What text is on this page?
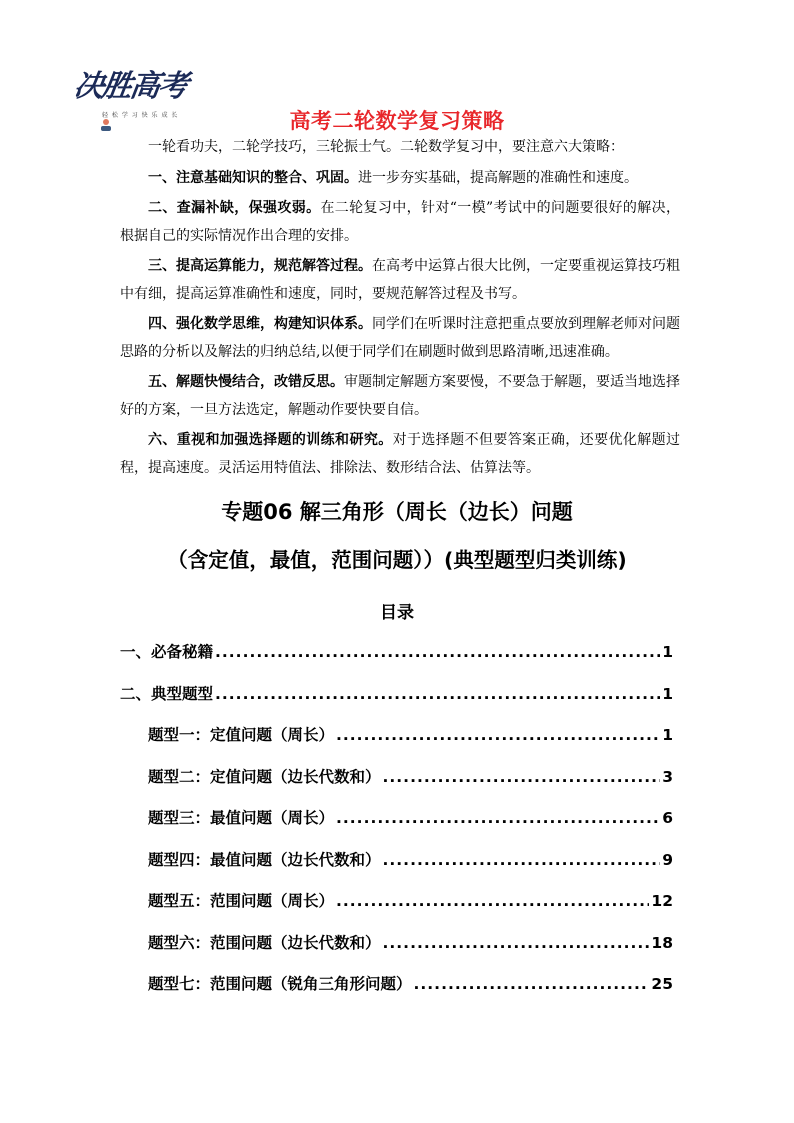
决胜高考
轻 松 学 习 快 乐 成 长	高考二轮数学复习策略

一轮看功夫，二轮学技巧，三轮振士气。二轮数学复习中，要注意六大策略：

一、注意基础知识的整合、巩固。进一步夯实基础，提高解题的准确性和速度。

二、查漏补缺，保强攻弱。在二轮复习中，针对“一模”考试中的问题要很好的解决，根据自己的实际情况作出合理的安排。

三、提高运算能力，规范解答过程。在高考中运算占很大比例，一定要重视运算技巧粗中有细，提高运算准确性和速度，同时，要规范解答过程及书写。

四、强化数学思维，构建知识体系。同学们在听课时注意把重点要放到理解老师对问题思路的分析以及解法的归纳总结,以便于同学们在刷题时做到思路清晰,迅速准确。

五、解题快慢结合，改错反思。审题制定解题方案要慢，不要急于解题，要适当地选择好的方案，一旦方法选定，解题动作要快要自信。

六、重视和加强选择题的训练和研究。对于选择题不但要答案正确，还要优化解题过程，提高速度。灵活运用特值法、排除法、数形结合法、估算法等。

专题06 解三角形（周长（边长）问题
（含定值，最值，范围问题））(典型题型归类训练)
目录
一、必备秘籍 .....	1
二、典型题型 .....	1
题型一：定值问题（周长） .....	1
题型二：定值问题（边长代数和） .....	3
题型三：最值问题（周长） .....	6
题型四：最值问题（边长代数和） .....	9
题型五：范围问题（周长） .....	12
题型六：范围问题（边长代数和） .....	18
题型七：范围问题（锐角三角形问题） .....	25
